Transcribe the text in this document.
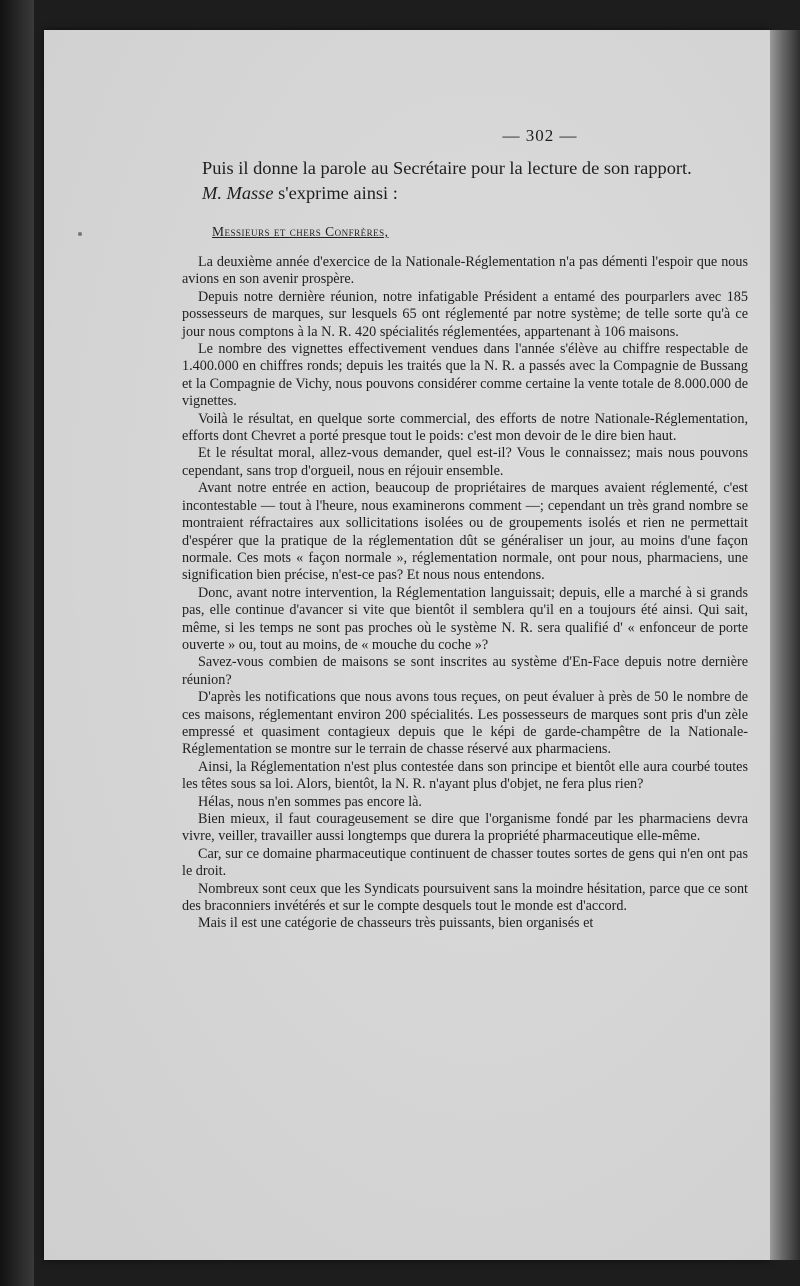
— 302 —

Puis il donne la parole au Secrétaire pour la lecture de son rapport.

M. Masse s'exprime ainsi :

Messieurs et chers Confrères,

La deuxième année d'exercice de la Nationale-Réglementation n'a pas démenti l'espoir que nous avions en son avenir prospère.

Depuis notre dernière réunion, notre infatigable Président a entamé des pourparlers avec 185 possesseurs de marques, sur lesquels 65 ont réglementé par notre système; de telle sorte qu'à ce jour nous comptons à la N. R. 420 spécialités réglementées, appartenant à 106 maisons.

Le nombre des vignettes effectivement vendues dans l'année s'élève au chiffre respectable de 1.400.000 en chiffres ronds; depuis les traités que la N. R. a passés avec la Compagnie de Bussang et la Compagnie de Vichy, nous pouvons considérer comme certaine la vente totale de 8.000.000 de vignettes.

Voilà le résultat, en quelque sorte commercial, des efforts de notre Nationale-Réglementation, efforts dont Chevret a porté presque tout le poids: c'est mon devoir de le dire bien haut.

Et le résultat moral, allez-vous demander, quel est-il? Vous le connaissez; mais nous pouvons cependant, sans trop d'orgueil, nous en réjouir ensemble.

Avant notre entrée en action, beaucoup de propriétaires de marques avaient réglementé, c'est incontestable — tout à l'heure, nous examinerons comment —; cependant un très grand nombre se montraient réfractaires aux sollicitations isolées ou de groupements isolés et rien ne permettait d'espérer que la pratique de la réglementation dût se généraliser un jour, au moins d'une façon normale. Ces mots « façon normale », réglementation normale, ont pour nous, pharmaciens, une signification bien précise, n'est-ce pas? Et nous nous entendons.

Donc, avant notre intervention, la Réglementation languissait; depuis, elle a marché à si grands pas, elle continue d'avancer si vite que bientôt il semblera qu'il en a toujours été ainsi. Qui sait, même, si les temps ne sont pas proches où le système N. R. sera qualifié d' « enfonceur de porte ouverte » ou, tout au moins, de « mouche du coche »?

Savez-vous combien de maisons se sont inscrites au système d'En-Face depuis notre dernière réunion?

D'après les notifications que nous avons tous reçues, on peut évaluer à près de 50 le nombre de ces maisons, réglementant environ 200 spécialités. Les possesseurs de marques sont pris d'un zèle empressé et quasiment contagieux depuis que le képi de garde-champêtre de la Nationale-Réglementation se montre sur le terrain de chasse réservé aux pharmaciens.

Ainsi, la Réglementation n'est plus contestée dans son principe et bientôt elle aura courbé toutes les têtes sous sa loi. Alors, bientôt, la N. R. n'ayant plus d'objet, ne fera plus rien?

Hélas, nous n'en sommes pas encore là.

Bien mieux, il faut courageusement se dire que l'organisme fondé par les pharmaciens devra vivre, veiller, travailler aussi longtemps que durera la propriété pharmaceutique elle-même.

Car, sur ce domaine pharmaceutique continuent de chasser toutes sortes de gens qui n'en ont pas le droit.

Nombreux sont ceux que les Syndicats poursuivent sans la moindre hésitation, parce que ce sont des braconniers invétérés et sur le compte desquels tout le monde est d'accord.

Mais il est une catégorie de chasseurs très puissants, bien organisés et
